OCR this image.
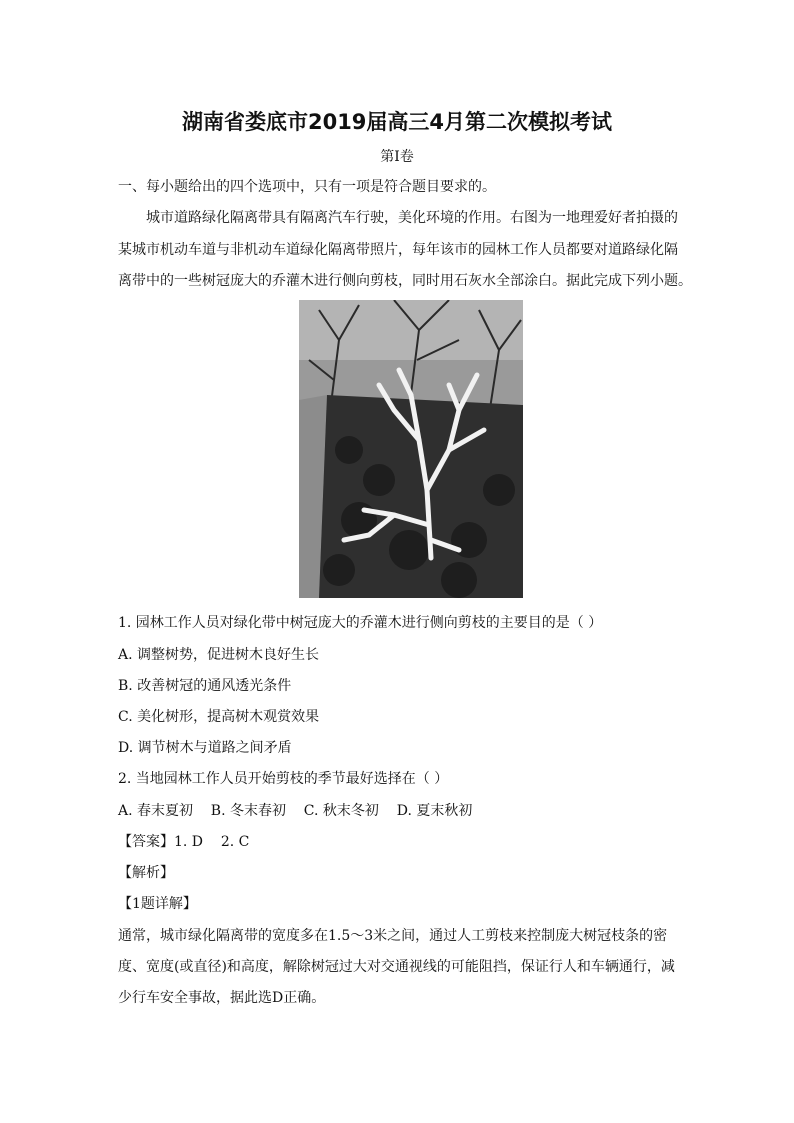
湖南省娄底市2019届高三4月第二次模拟考试
第Ⅰ卷
一、每小题给出的四个选项中，只有一项是符合题目要求的。
城市道路绿化隔离带具有隔离汽车行驶，美化环境的作用。右图为一地理爱好者拍摄的
某城市机动车道与非机动车道绿化隔离带照片，每年该市的园林工作人员都要对道路绿化隔
离带中的一些树冠庞大的乔灌木进行侧向剪枝，同时用石灰水全部涂白。据此完成下列小题。
1. 园林工作人员对绿化带中树冠庞大的乔灌木进行侧向剪枝的主要目的是（ ）
A. 调整树势，促进树木良好生长
B. 改善树冠的通风透光条件
C. 美化树形，提高树木观赏效果
D. 调节树木与道路之间矛盾
2. 当地园林工作人员开始剪枝的季节最好选择在（ ）
A. 春末夏初    B. 冬末春初    C. 秋末冬初    D. 夏末秋初
【答案】1. D    2. C
【解析】
【1题详解】
通常，城市绿化隔离带的宽度多在1.5～3米之间，通过人工剪枝来控制庞大树冠枝条的密
度、宽度(或直径)和高度，解除树冠过大对交通视线的可能阻挡，保证行人和车辆通行，减
少行车安全事故，据此选D正确。
